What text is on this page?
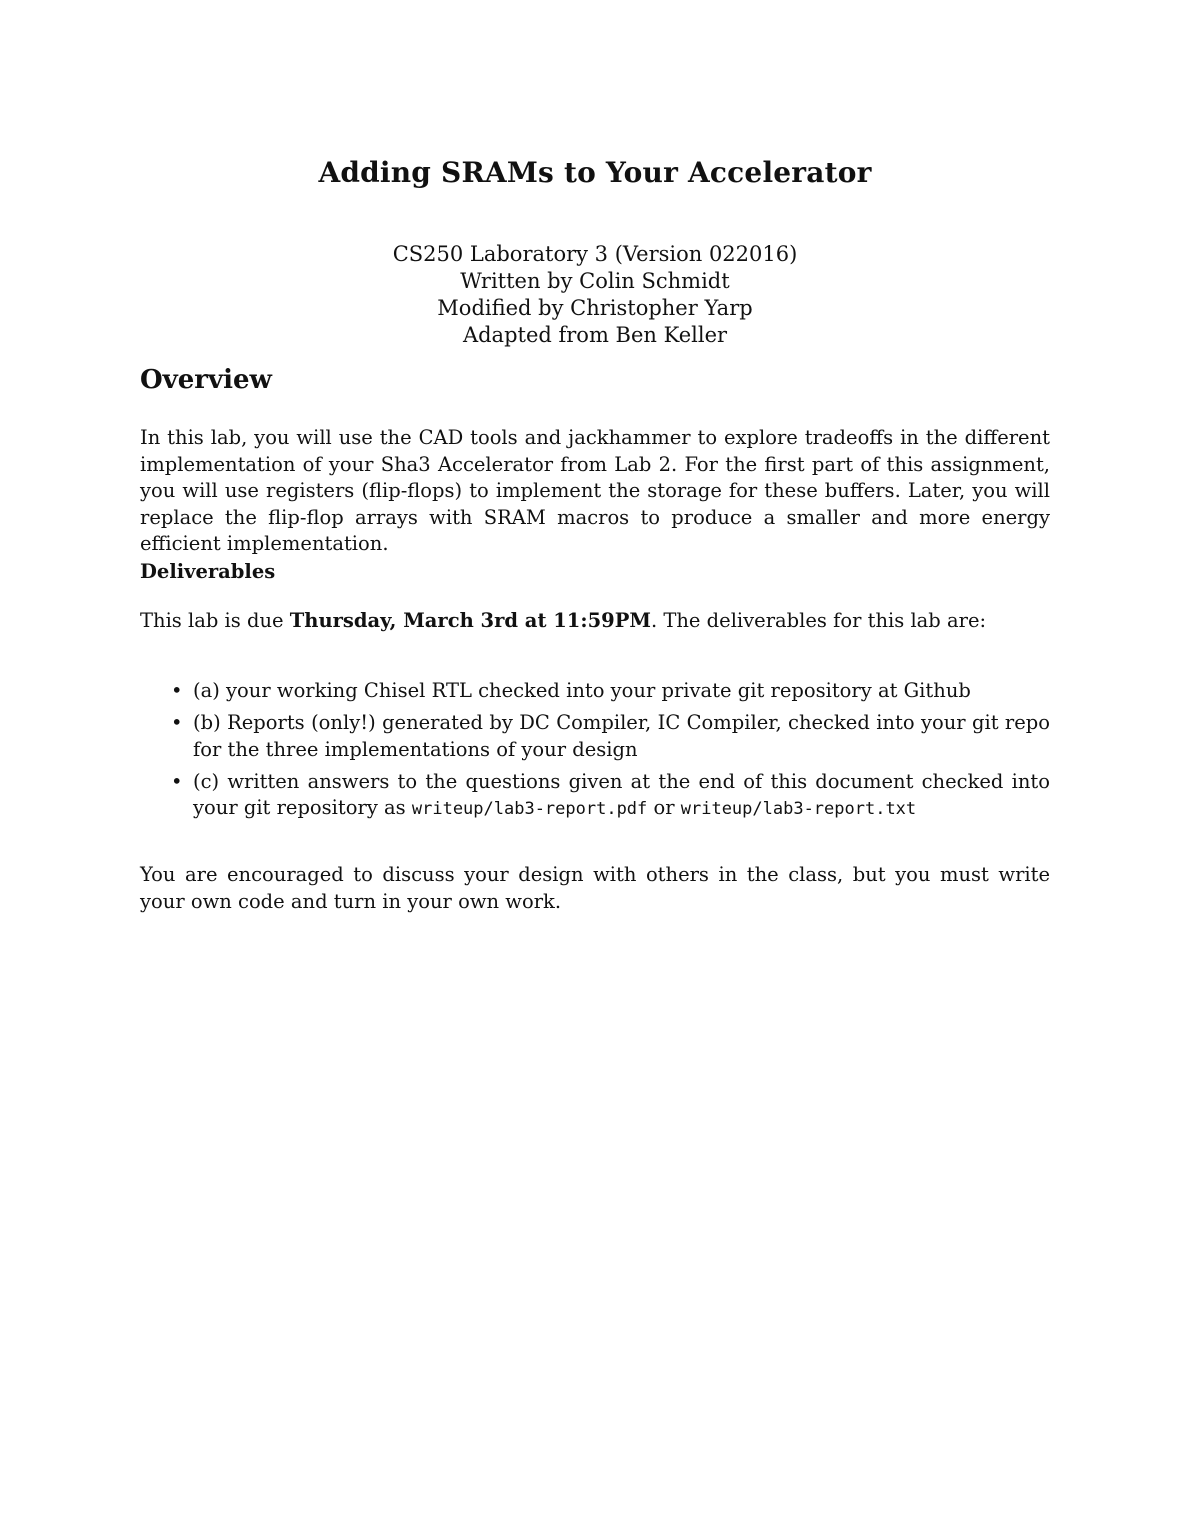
Adding SRAMs to Your Accelerator
CS250 Laboratory 3 (Version 022016)
Written by Colin Schmidt
Modified by Christopher Yarp
Adapted from Ben Keller
Overview
In this lab, you will use the CAD tools and jackhammer to explore tradeoffs in the different implementation of your Sha3 Accelerator from Lab 2. For the first part of this assignment, you will use registers (flip-flops) to implement the storage for these buffers. Later, you will replace the flip-flop arrays with SRAM macros to produce a smaller and more energy efficient implementation.
Deliverables
This lab is due Thursday, March 3rd at 11:59PM. The deliverables for this lab are:
• (a) your working Chisel RTL checked into your private git repository at Github
• (b) Reports (only!) generated by DC Compiler, IC Compiler, checked into your git repo for the three implementations of your design
• (c) written answers to the questions given at the end of this document checked into your git repository as writeup/lab3-report.pdf or writeup/lab3-report.txt
You are encouraged to discuss your design with others in the class, but you must write your own code and turn in your own work.
